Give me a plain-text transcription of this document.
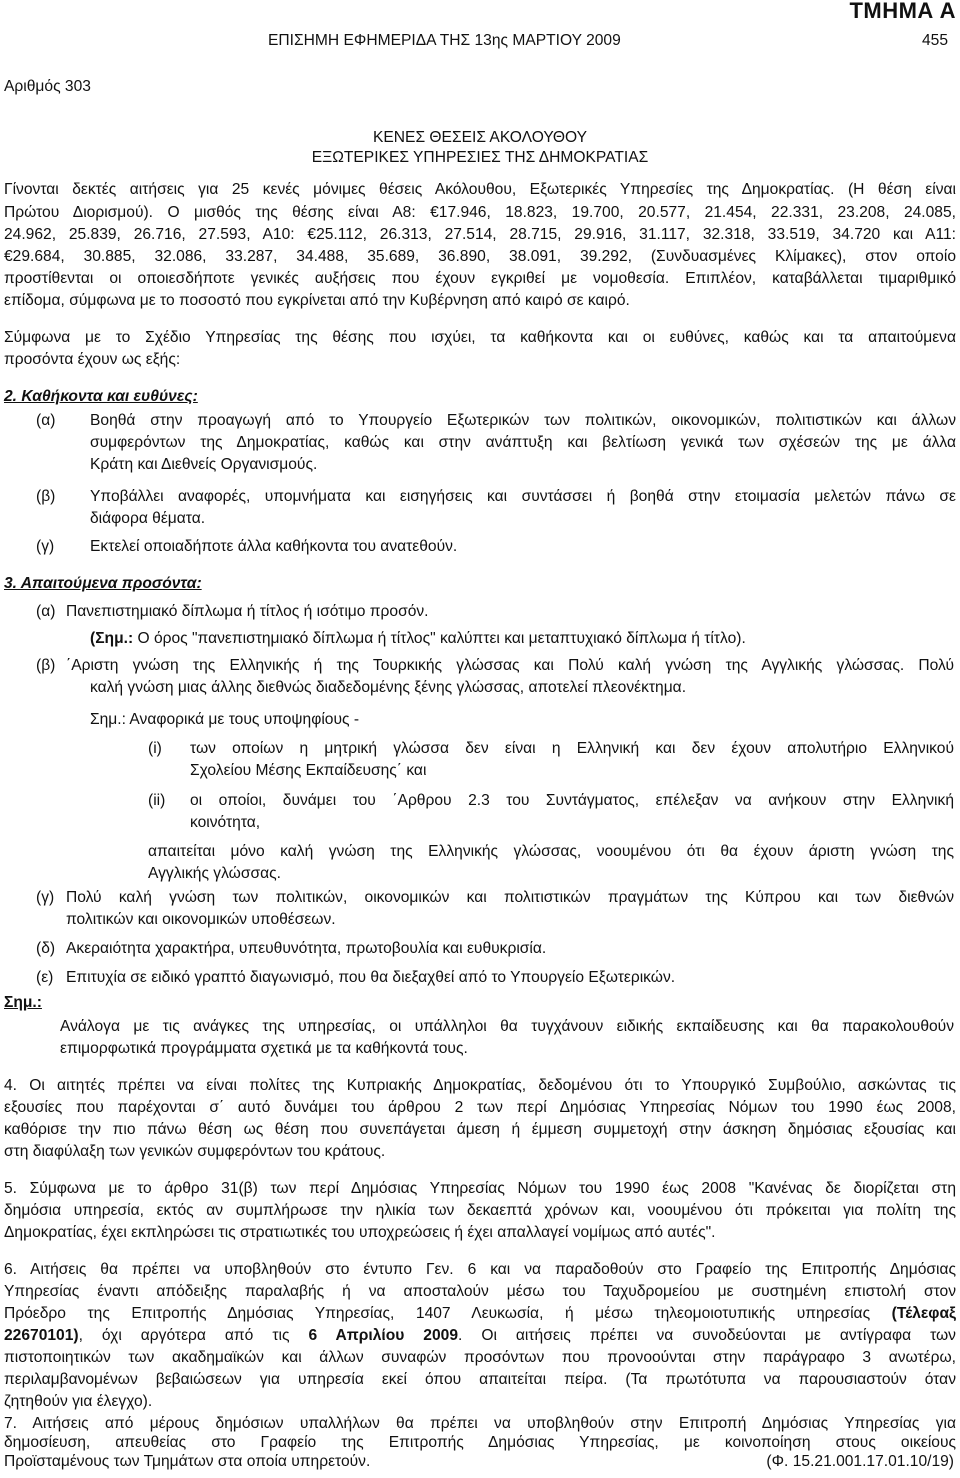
ΤΜΗΜΑ Α
ΕΠΙΣΗΜΗ ΕΦΗΜΕΡΙΔΑ ΤΗΣ 13ης ΜΑΡΤΙΟΥ 2009	455
Αριθμός 303
ΚΕΝΕΣ ΘΕΣΕΙΣ ΑΚΟΛΟΥΘΟΥ
ΕΞΩΤΕΡΙΚΕΣ ΥΠΗΡΕΣΙΕΣ ΤΗΣ ΔΗΜΟΚΡΑΤΙΑΣ
Γίνονται δεκτές αιτήσεις για 25 κενές μόνιμες θέσεις Ακόλουθου, Εξωτερικές Υπηρεσίες της Δημοκρατίας. (Η θέση είναι
Πρώτου Διορισμού). Ο μισθός της θέσης είναι Α8: €17.946, 18.823, 19.700, 20.577, 21.454, 22.331, 23.208, 24.085,
24.962, 25.839, 26.716, 27.593, Α10: €25.112, 26.313, 27.514, 28.715, 29.916, 31.117, 32.318, 33.519, 34.720 και Α11:
€29.684, 30.885, 32.086, 33.287, 34.488, 35.689, 36.890, 38.091, 39.292, (Συνδυασμένες Κλίμακες), στον οποίο
προστίθενται οι οποιεσδήποτε γενικές αυξήσεις που έχουν εγκριθεί με νομοθεσία. Επιπλέον, καταβάλλεται τιμαριθμικό
επίδομα, σύμφωνα με το ποσοστό που εγκρίνεται από την Κυβέρνηση από καιρό σε καιρό.
Σύμφωνα με το Σχέδιο Υπηρεσίας της θέσης που ισχύει, τα καθήκοντα και οι ευθύνες, καθώς και τα απαιτούμενα
προσόντα έχουν ως εξής:
2. Καθήκοντα και ευθύνες:
(α) Βοηθά στην προαγωγή από το Υπουργείο Εξωτερικών των πολιτικών, οικονομικών, πολιτιστικών και άλλων
συμφερόντων της Δημοκρατίας, καθώς και στην ανάπτυξη και βελτίωση γενικά των σχέσεών της με άλλα
Κράτη και Διεθνείς Οργανισμούς.
(β) Υποβάλλει αναφορές, υπομνήματα και εισηγήσεις και συντάσσει ή βοηθά στην ετοιμασία μελετών πάνω σε
διάφορα θέματα.
(γ) Εκτελεί οποιαδήποτε άλλα καθήκοντα του ανατεθούν.
3. Απαιτούμενα προσόντα:
(α) Πανεπιστημιακό δίπλωμα ή τίτλος ή ισότιμο προσόν.
(Σημ.: Ο όρος "πανεπιστημιακό δίπλωμα ή τίτλος" καλύπτει και μεταπτυχιακό δίπλωμα ή τίτλο).
(β) ΄Αριστη γνώση της Ελληνικής ή της Τουρκικής γλώσσας και Πολύ καλή γνώση της Αγγλικής γλώσσας. Πολύ
καλή γνώση μιας άλλης διεθνώς διαδεδομένης ξένης γλώσσας, αποτελεί πλεονέκτημα.
Σημ.: Αναφορικά με τους υποψηφίους -
(i) των οποίων η μητρική γλώσσα δεν είναι η Ελληνική και δεν έχουν απολυτήριο Ελληνικού
Σχολείου Μέσης Εκπαίδευσης΄ και
(ii) οι οποίοι, δυνάμει του ΄Αρθρου 2.3 του Συντάγματος, επέλεξαν να ανήκουν στην Ελληνική
κοινότητα,
απαιτείται μόνο καλή γνώση της Ελληνικής γλώσσας, νοουμένου ότι θα έχουν άριστη γνώση της
Αγγλικής γλώσσας.
(γ) Πολύ καλή γνώση των πολιτικών, οικονομικών και πολιτιστικών πραγμάτων της Κύπρου και των διεθνών
πολιτικών και οικονομικών υποθέσεων.
(δ) Ακεραιότητα χαρακτήρα, υπευθυνότητα, πρωτοβουλία και ευθυκρισία.
(ε) Επιτυχία σε ειδικό γραπτό διαγωνισμό, που θα διεξαχθεί από το Υπουργείο Εξωτερικών.
Σημ.:
Ανάλογα με τις ανάγκες της υπηρεσίας, οι υπάλληλοι θα τυγχάνουν ειδικής εκπαίδευσης και θα παρακολουθούν
επιμορφωτικά προγράμματα σχετικά με τα καθήκοντά τους.
4. Οι αιτητές πρέπει να είναι πολίτες της Κυπριακής Δημοκρατίας, δεδομένου ότι το Υπουργικό Συμβούλιο, ασκώντας τις
εξουσίες που παρέχονται σ΄ αυτό δυνάμει του άρθρου 2 των περί Δημόσιας Υπηρεσίας Νόμων του 1990 έως 2008,
καθόρισε την πιο πάνω θέση ως θέση που συνεπάγεται άμεση ή έμμεση συμμετοχή στην άσκηση δημόσιας εξουσίας και
στη διαφύλαξη των γενικών συμφερόντων του κράτους.
5. Σύμφωνα με το άρθρο 31(β) των περί Δημόσιας Υπηρεσίας Νόμων του 1990 έως 2008 "Κανένας δε διορίζεται στη
δημόσια υπηρεσία, εκτός αν συμπλήρωσε την ηλικία των δεκαεπτά χρόνων και, νοουμένου ότι πρόκειται για πολίτη της
Δημοκρατίας, έχει εκπληρώσει τις στρατιωτικές του υποχρεώσεις ή έχει απαλλαγεί νομίμως από αυτές".
6. Αιτήσεις θα πρέπει να υποβληθούν στο έντυπο Γεν. 6 και να παραδοθούν στο Γραφείο της Επιτροπής Δημόσιας
Υπηρεσίας έναντι απόδειξης παραλαβής ή να αποσταλούν μέσω του Ταχυδρομείου με συστημένη επιστολή στον
Πρόεδρο της Επιτροπής Δημόσιας Υπηρεσίας, 1407 Λευκωσία, ή μέσω τηλεομοιοτυπικής υπηρεσίας (Τέλεφαξ
22670101), όχι αργότερα από τις 6 Απριλίου 2009. Οι αιτήσεις πρέπει να συνοδεύονται με αντίγραφα των
πιστοποιητικών των ακαδημαϊκών και άλλων συναφών προσόντων που προνοούνται στην παράγραφο 3 ανωτέρω,
περιλαμβανομένων βεβαιώσεων για υπηρεσία εκεί όπου απαιτείται πείρα. (Τα πρωτότυπα να παρουσιαστούν όταν
ζητηθούν για έλεγχο).
7. Αιτήσεις από μέρους δημόσιων υπαλλήλων θα πρέπει να υποβληθούν στην Επιτροπή Δημόσιας Υπηρεσίας για
δημοσίευση, απευθείας στο Γραφείο της Επιτροπής Δημόσιας Υπηρεσίας, με κοινοποίηση στους οικείους
Προϊσταμένους των Τμημάτων στα οποία υπηρετούν.	(Φ. 15.21.001.17.01.10/19)
